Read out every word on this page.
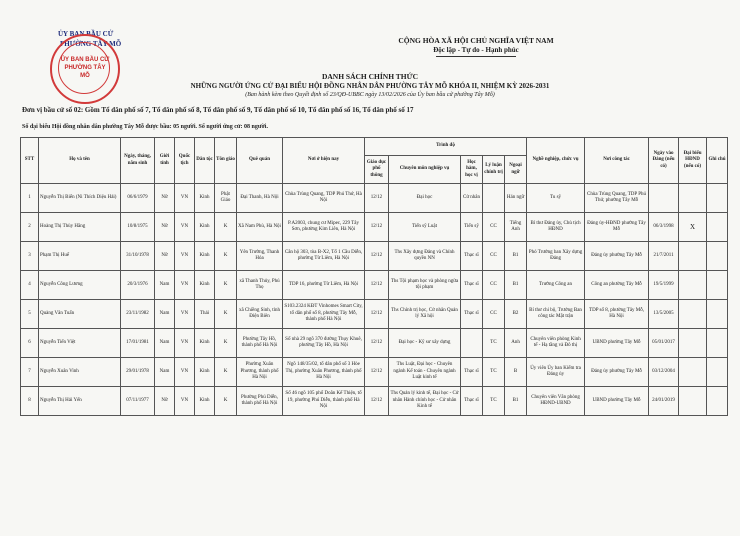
ỦY BAN BẦU CỬ
PHƯỜNG TÂY MỖ
ỦY BAN BẦU CỬ PHƯỜNG TÂY MỖ
CỘNG HÒA XÃ HỘI CHỦ NGHĨA VIỆT NAM
Độc lập - Tự do - Hạnh phúc
DANH SÁCH CHÍNH THỨC
NHỮNG NGƯỜI ỨNG CỬ ĐẠI BIỂU HỘI ĐỒNG NHÂN DÂN PHƯỜNG TÂY MỖ KHÓA II, NHIỆM KỲ 2026-2031
(Ban hành kèm theo Quyết định số 23/QĐ-UBBC ngày 13/02/2026 của Ủy ban bầu cử phường Tây Mỗ)
Đơn vị bầu cử số 02: Gồm Tổ dân phố số 7, Tổ dân phố số 8, Tổ dân phố số 9, Tổ dân phố số 10, Tổ dân phố số 16, Tổ dân phố số 17
Số đại biểu Hội đồng nhân dân phường Tây Mỗ được bầu: 05 người. Số người ứng cử: 08 người.
STT	Họ và tên	Ngày, tháng, năm sinh	Giới tính	Quốc tịch	Dân tộc	Tôn giáo	Quê quán	Nơi ở hiện nay	Trình độ					Nghề nghiệp, chức vụ	Nơi công tác	Ngày vào Đảng (nếu có)	Đại biểu HĐND (nếu có)	Ghi chú
									Giáo dục phổ thông	Chuyên môn nghiệp vụ	Học hàm, học vị	Lý luận chính trị	Ngoại ngữ					
1	Nguyễn Thị Biển (Ni Thích Diệu Hải)	06/6/1979	Nữ	VN	Kinh	Phật Giáo	Đại Thanh, Hà Nội	Chùa Trùng Quang, TDP Phú Thứ, Hà Nội	12/12	Đại học	Cử nhân		Hán ngữ	Tu sỹ	Chùa Trùng Quang, TDP Phú Thứ, phường Tây Mỗ			
2	Hoàng Thị Thùy Hằng	10/8/1975	Nữ	VN	Kinh	K	Xã Nam Phù, Hà Nội	P.A2003, chung cư Mipec, 229 Tây Sơn, phường Kim Liên, Hà Nội	12/12	Tiến sỹ Luật	Tiến sỹ	CC	Tiếng Anh	Bí thư Đảng ủy, Chủ tịch HĐND	Đảng ủy-HĐND phường Tây Mỗ	06/3/1998	X	
3	Phạm Thị Huế	31/10/1978	Nữ	VN	Kinh	K	Yên Trường, Thanh Hóa	Căn hộ 303, tòa B-X2, Tổ 1 Cầu Diễn, phường Từ Liêm, Hà Nội	12/12	Ths Xây dựng Đảng và Chính quyền NN	Thạc sĩ	CC	B1	Phó Trưởng ban Xây dựng Đảng	Đảng ủy phường Tây Mỗ	21/7/2011		
4	Nguyễn Công Lương	20/3/1976	Nam	VN	Kinh	K	xã Thanh Thủy, Phú Thọ	TDP 16, phường Từ Liêm, Hà Nội	12/12	Ths Tội phạm học và phòng ngừa tội phạm	Thạc sĩ	CC	B1	Trưởng Công an	Công an phường Tây Mỗ	19/5/1999		
5	Quàng Văn Tuấn	23/11/1982	Nam	VN	Thái	K	xã Chiềng Sinh, tỉnh Điện Biên	S103.2324 KĐT Vinhomes Smart City, tổ dân phố số 8, phường Tây Mỗ, thành phố Hà Nội	12/12	Ths Chính trị học, Cử nhân Quản lý Xã hội	Thạc sĩ	CC	B2	Bí thư chi bộ, Trưởng Ban công tác Mặt trận	TDP số 8, phường Tây Mỗ, Hà Nội	13/5/2005		
6	Nguyễn Tiến Việt	17/01/1981	Nam	VN	Kinh	K	Phường Tây Hồ, thành phố Hà Nội	Số nhà 29 ngõ 370 đường Thụy Khuê, phường Tây Hồ, Hà Nội	12/12	Đại học - Kỹ sư xây dựng		TC	Anh	Chuyên viên phòng Kinh tế - Hạ tầng và Đô thị	UBND phường Tây Mỗ	05/01/2017		
7	Nguyễn Xuân Vinh	29/01/1978	Nam	VN	Kinh	K	Phường Xuân Phương, thành phố Hà Nội	Ngõ 148/35/02, tổ dân phố số 3 Hòe Thị, phường Xuân Phương, thành phố Hà Nội	12/12	Ths Luật, Đại học - Chuyên ngành Kế toán - Chuyên ngành Luật kinh tế	Thạc sĩ	TC	B	Ủy viên Ủy ban Kiểm tra Đảng ủy	Đảng ủy phường Tây Mỗ	03/12/2004		
8	Nguyễn Thị Hải Yến	07/11/1977	Nữ	VN	Kinh	K	Phường Phú Diễn, thành phố Hà Nội	Số 46 ngõ 105 phố Doãn Kế Thiện, tổ 19, phường Phú Diễn, thành phố Hà Nội	12/12	Ths Quản lý kinh tế, Đại học - Cử nhân Hành chính học - Cử nhân Kinh tế	Thạc sĩ	TC	B1	Chuyên viên Văn phòng HĐND-UBND	UBND phường Tây Mỗ	24/01/2019		
